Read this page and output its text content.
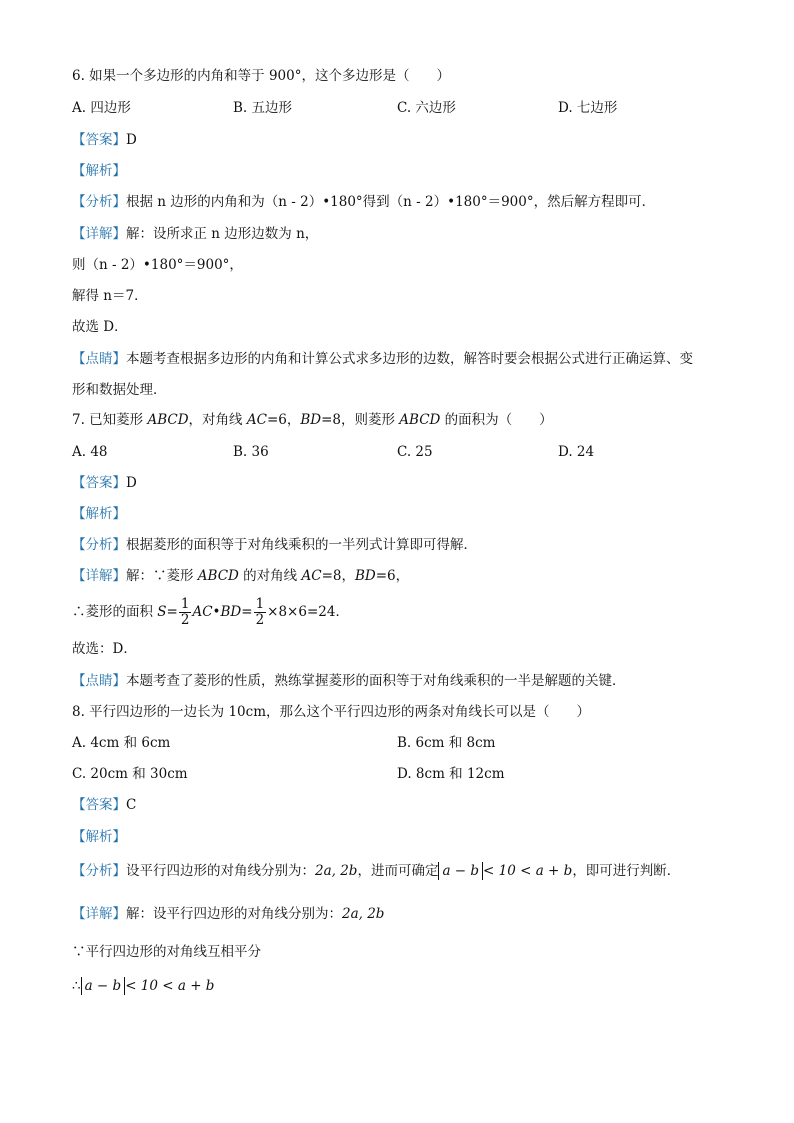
6. 如果一个多边形的内角和等于 900°，这个多边形是（　　）
A. 四边形	B. 五边形	C. 六边形	D. 七边形
【答案】D
【解析】
【分析】根据 n 边形的内角和为（n - 2）•180°得到（n - 2）•180°＝900°，然后解方程即可．
【详解】解：设所求正 n 边形边数为 n，
则（n - 2）•180°＝900°，
解得 n＝7．
故选 D．
【点睛】本题考查根据多边形的内角和计算公式求多边形的边数，解答时要会根据公式进行正确运算、变
形和数据处理．
7. 已知菱形 ABCD，对角线 AC=6，BD=8，则菱形 ABCD 的面积为（　　）
A. 48	B. 36	C. 25	D. 24
【答案】D
【解析】
【分析】根据菱形的面积等于对角线乘积的一半列式计算即可得解．
【详解】解：∵菱形 ABCD 的对角线 AC=8，BD=6，
∴菱形的面积 $S= \frac{1}{2}$ AC•BD= $\frac{1}{2} \times 8\times 6=24$．
故选：D．
【点睛】本题考查了菱形的性质，熟练掌握菱形的面积等于对角线乘积的一半是解题的关键．
8. 平行四边形的一边长为 10cm，那么这个平行四边形的两条对角线长可以是（　　）
A. 4cm 和 6cm	B. 6cm 和 8cm
C. 20cm 和 30cm	D. 8cm 和 12cm
【答案】C
【解析】
【分析】设平行四边形的对角线分别为：2a, 2b，进而可确定 a − b < 10 < a + b，即可进行判断．
【详解】解：设平行四边形的对角线分别为：2a, 2b
∵平行四边形的对角线互相平分
∴ a − b < 10 < a + b
